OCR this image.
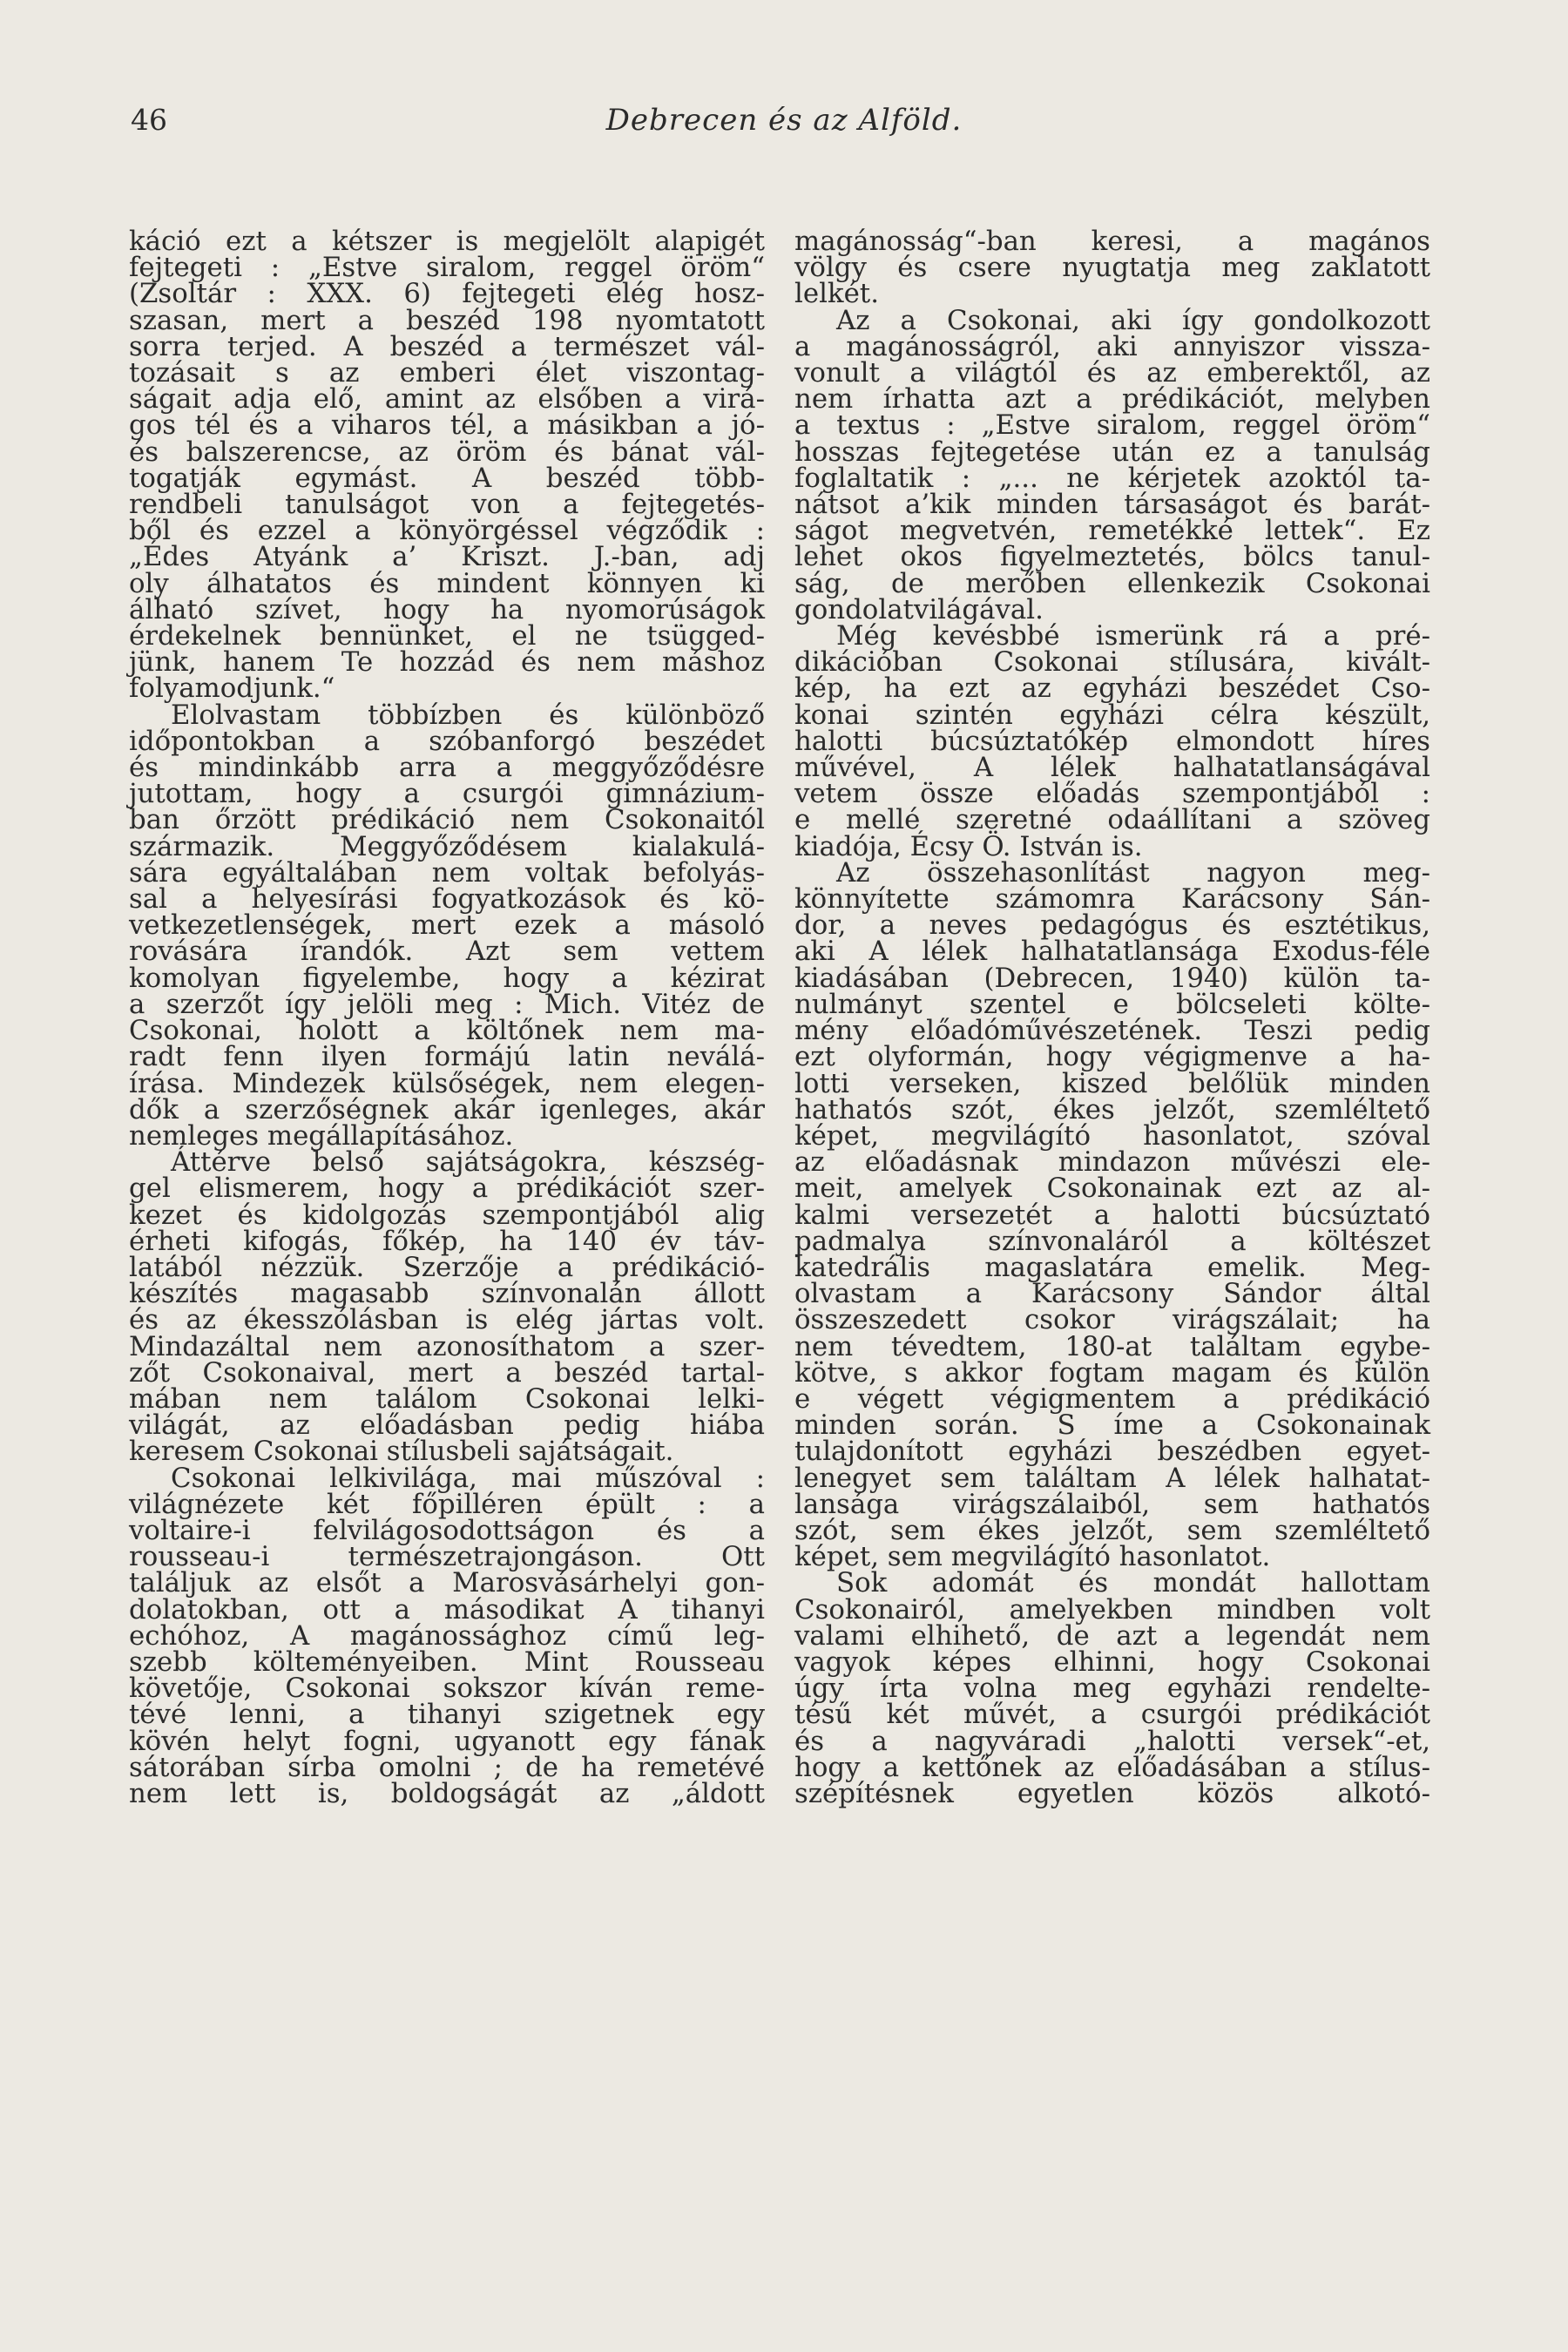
46	Debrecen és az Alföld.
káció ezt a kétszer is megjelölt alapigét
fejtegeti : „Estve siralom, reggel öröm“
(Zsoltár : XXX. 6) fejtegeti elég hosz-
szasan, mert a beszéd 198 nyomtatott
sorra terjed. A beszéd a természet vál-
tozásait s az emberi élet viszontag-
ságait adja elő, amint az elsőben a virá-
gos tél és a viharos tél, a másikban a jó-
és balszerencse, az öröm és bánat vál-
togatják egymást. A beszéd több-
rendbeli tanulságot von a fejtegetés-
ből és ezzel a könyörgéssel végződik :
„Édes Atyánk a’ Kriszt. J.-ban, adj
oly álhatatos és mindent könnyen ki
álható szívet, hogy ha nyomorúságok
érdekelnek bennünket, el ne tsügged-
jünk, hanem Te hozzád és nem máshoz
folyamodjunk.“
Elolvastam többízben és különböző
időpontokban a szóbanforgó beszédet
és mindinkább arra a meggyőződésre
jutottam, hogy a csurgói gimnázium-
ban őrzött prédikáció nem Csokonaitól
származik. Meggyőződésem kialakulá-
sára egyáltalában nem voltak befolyás-
sal a helyesírási fogyatkozások és kö-
vetkezetlenségek, mert ezek a másoló
rovására írandók. Azt sem vettem
komolyan figyelembe, hogy a kézirat
a szerzőt így jelöli meg : Mich. Vitéz de
Csokonai, holott a költőnek nem ma-
radt fenn ilyen formájú latin neválá-
írása. Mindezek külsőségek, nem elegen-
dők a szerzőségnek akár igenleges, akár
nemleges megállapításához.
Áttérve belső sajátságokra, készség-
gel elismerem, hogy a prédikációt szer-
kezet és kidolgozás szempontjából alig
érheti kifogás, főkép, ha 140 év táv-
latából nézzük. Szerzője a prédikáció-
készítés magasabb színvonalán állott
és az ékesszólásban is elég jártas volt.
Mindazáltal nem azonosíthatom a szer-
zőt Csokonaival, mert a beszéd tartal-
mában nem találom Csokonai lelki-
világát, az előadásban pedig hiába
keresem Csokonai stílusbeli sajátságait.
Csokonai lelkivilága, mai műszóval :
világnézete két főpilléren épült : a
voltaire-i felvilágosodottságon és a
rousseau-i természetrajongáson. Ott
találjuk az elsőt a Marosvásárhelyi gon-
dolatokban, ott a másodikat A tihanyi
echóhoz, A magánossághoz című leg-
szebb költeményeiben. Mint Rousseau
követője, Csokonai sokszor kíván reme-
tévé lenni, a tihanyi szigetnek egy
kövén helyt fogni, ugyanott egy fának
sátorában sírba omolni ; de ha remetévé
nem lett is, boldogságát az „áldott
magánosság“-ban keresi, a magános
völgy és csere nyugtatja meg zaklatott
lelkét.
Az a Csokonai, aki így gondolkozott
a magánosságról, aki annyiszor vissza-
vonult a világtól és az emberektől, az
nem írhatta azt a prédikációt, melyben
a textus : „Estve siralom, reggel öröm“
hosszas fejtegetése után ez a tanulság
foglaltatik : „... ne kérjetek azoktól ta-
nátsot a’kik minden társaságot és barát-
ságot megvetvén, remetékké lettek“. Ez
lehet okos figyelmeztetés, bölcs tanul-
ság, de merőben ellenkezik Csokonai
gondolatvilágával.
Még kevésbbé ismerünk rá a pré-
dikációban Csokonai stílusára, kivált-
kép, ha ezt az egyházi beszédet Cso-
konai szintén egyházi célra készült,
halotti búcsúztatókép elmondott híres
művével, A lélek halhatatlanságával
vetem össze előadás szempontjából :
e mellé szeretné odaállítani a szöveg
kiadója, Écsy Ö. István is.
Az összehasonlítást nagyon meg-
könnyítette számomra Karácsony Sán-
dor, a neves pedagógus és esztétikus,
aki A lélek halhatatlansága Exodus-féle
kiadásában (Debrecen, 1940) külön ta-
nulmányt szentel e bölcseleti költe-
mény előadóművészetének. Teszi pedig
ezt olyformán, hogy végigmenve a ha-
lotti verseken, kiszed belőlük minden
hathatós szót, ékes jelzőt, szemléltető
képet, megvilágító hasonlatot, szóval
az előadásnak mindazon művészi ele-
meit, amelyek Csokonainak ezt az al-
kalmi versezetét a halotti búcsúztató
padmalya színvonaláról a költészet
katedrális magaslatára emelik. Meg-
olvastam a Karácsony Sándor által
összeszedett csokor virágszálait; ha
nem tévedtem, 180-at találtam egybe-
kötve, s akkor fogtam magam és külön
e végett végigmentem a prédikáció
minden során. S íme a Csokonainak
tulajdonított egyházi beszédben egyet-
lenegyet sem találtam A lélek halhatat-
lansága virágszálaiból, sem hathatós
szót, sem ékes jelzőt, sem szemléltető
képet, sem megvilágító hasonlatot.
Sok adomát és mondát hallottam
Csokonairól, amelyekben mindben volt
valami elhihető, de azt a legendát nem
vagyok képes elhinni, hogy Csokonai
úgy írta volna meg egyházi rendelte-
tésű két művét, a csurgói prédikációt
és a nagyváradi „halotti versek“-et,
hogy a kettőnek az előadásában a stílus-
szépítésnek egyetlen közös alkotó-
